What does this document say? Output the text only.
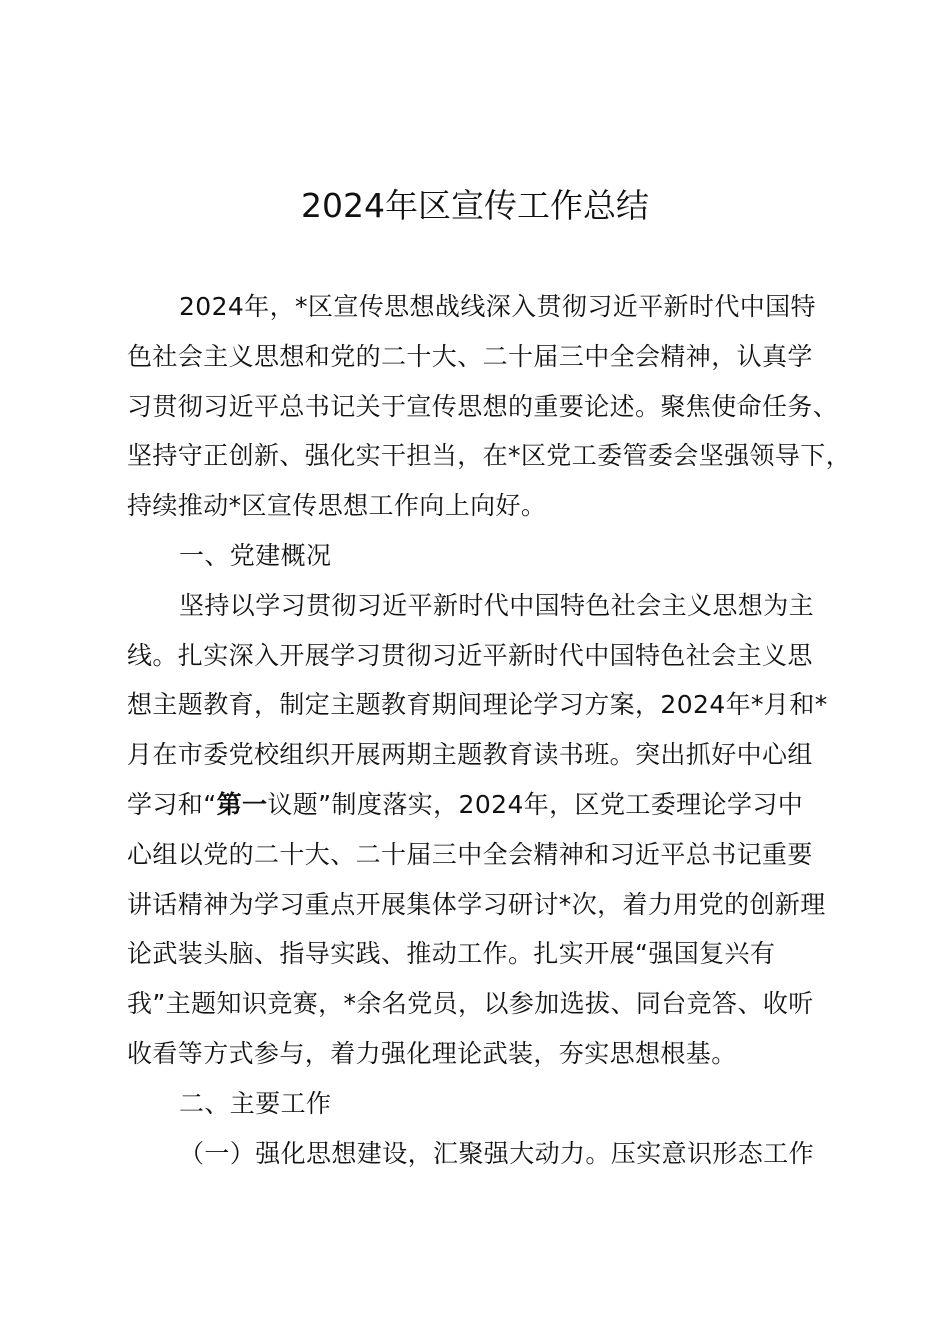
2024年区宣传工作总结
2024年，*区宣传思想战线深入贯彻习近平新时代中国特
色社会主义思想和党的二十大、二十届三中全会精神，认真学
习贯彻习近平总书记关于宣传思想的重要论述。聚焦使命任务、
坚持守正创新、强化实干担当，在*区党工委管委会坚强领导下，
持续推动*区宣传思想工作向上向好。
一、党建概况
坚持以学习贯彻习近平新时代中国特色社会主义思想为主
线。扎实深入开展学习贯彻习近平新时代中国特色社会主义思
想主题教育，制定主题教育期间理论学习方案，2024年*月和*
月在市委党校组织开展两期主题教育读书班。突出抓好中心组
学习和“第一议题”制度落实，2024年，区党工委理论学习中
心组以党的二十大、二十届三中全会精神和习近平总书记重要
讲话精神为学习重点开展集体学习研讨*次，着力用党的创新理
论武装头脑、指导实践、推动工作。扎实开展“强国复兴有
我”主题知识竞赛，*余名党员，以参加选拔、同台竞答、收听
收看等方式参与，着力强化理论武装，夯实思想根基。
二、主要工作
（一）强化思想建设，汇聚强大动力。压实意识形态工作
